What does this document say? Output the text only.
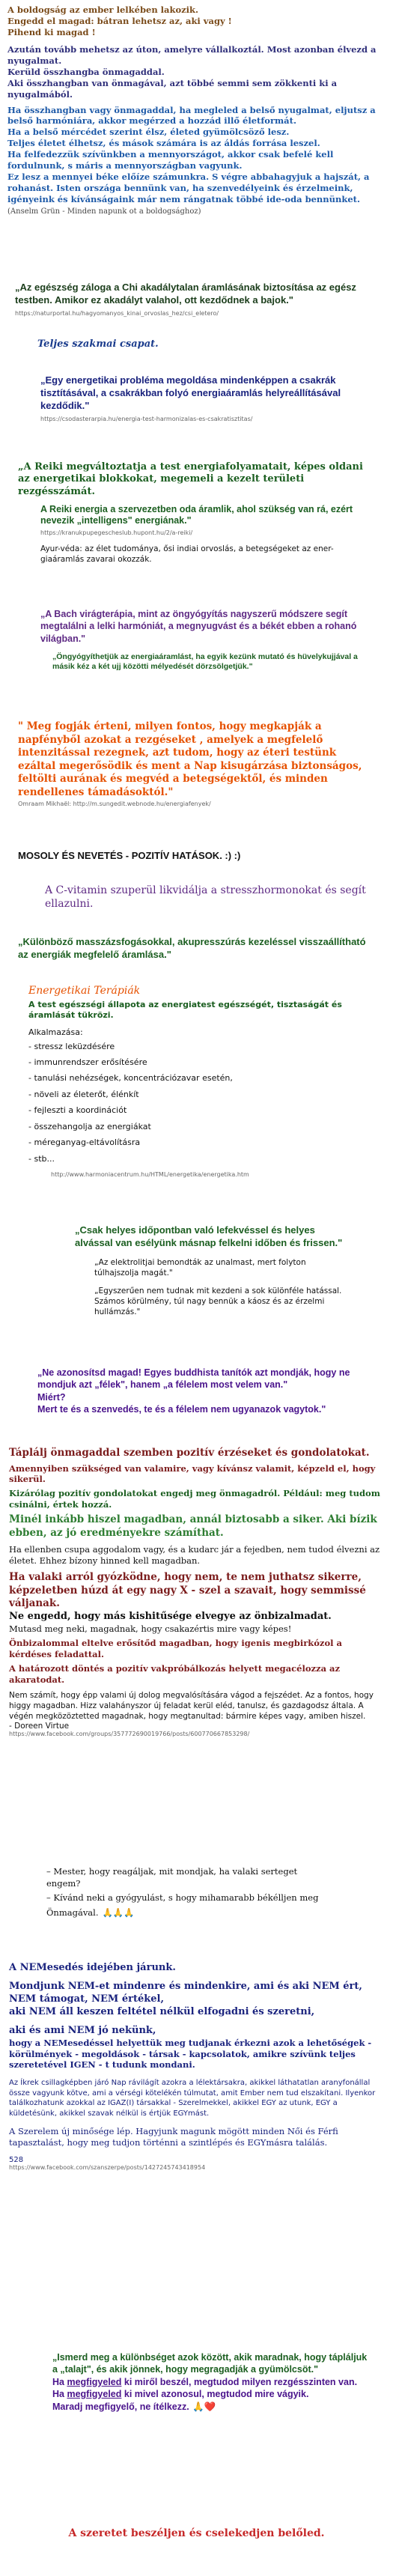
A boldogság az ember lelkében lakozik.

Engedd el magad: bátran lehetsz az, aki vagy !

Pihend ki magad !

Azután tovább mehetsz az úton, amelyre vállalkoztál. Most azonban élvezd a nyugalmat.

Kerüld összhangba önmagaddal.

Aki összhangban van önmagával, azt többé semmi sem zökkenti ki a nyugalmából.

Ha összhangban vagy önmagaddal, ha megleled a belső nyugalmat, eljutsz a belső harmóniára, akkor megérzed a hozzád illő életformát.

Ha a belső mércédet szerint élsz, életed gyümölcsöző lesz.

Teljes életet élhetsz, és mások számára is az áldás forrása leszel.

Ha felfedezzük szívünkben a mennyországot, akkor csak befelé kell fordulnunk, s máris a mennyországban vagyunk.

Ez lesz a mennyei béke előíze számunkra. S végre abbahagyjuk a hajszát, a rohanást. Isten országa bennünk van, ha szenvedélyeink és érzelmeink, igényeink és kívánságaink már nem rángatnak többé ide-oda bennünket.

(Anselm Grün - Minden napunk ot a boldogsághoz)

„Az egészség záloga a Chi akadálytalan áramlásának biztosítása az egész testben. Amikor ez akadályt valahol, ott kezdődnek a bajok."

https://naturportal.hu/hagyomanyos_kinai_orvoslas_hez/csi_eletero/

Teljes szakmai csapat.

„Egy energetikai probléma megoldása mindenképpen a csakrák tisztításával, a csakrákban folyó energiaáramlás helyreállításával kezdődik."

https://csodasterarpia.hu/energia-test-harmonizalas-es-csakratisztitas/

„A Reiki megváltoztatja a test energiafolyamatait, képes oldani az energetikai blokkokat, megemeli a kezelt területi rezgésszámát.

A Reiki energia a szervezetben oda áramlik, ahol szükség van rá, ezért nevezik „intelligens" energiának."

https://kranukpupegescheslub.hupont.hu/2/a-reiki/

Ayur-véda: az élet tudománya, ősi indiai orvoslás, a betegségeket az ener-giaáramlás zavarai okozzák.

„A Bach virágterápia, mint az öngyógyítás nagyszerű módszere segít megtalálni a lelki harmóniát, a megnyugvást és a békét ebben a rohanó világban."

„Öngyógyíthetjük az energiaáramlást, ha egyik kezünk mutató és hüvelykujjával a másik kéz a két ujj közötti mélyedését dörzsölgetjük."

" Meg fogják érteni, milyen fontos, hogy megkapják a napfényből azokat a rezgéseket , amelyek a megfelelő intenzitással rezegnek, azt tudom, hogy az éteri testünk ezáltal megerősödik és ment a Nap kisugárzása biztonságos, feltölti aurának és megvéd a betegségektől, és minden rendellenes támadásoktól."

Omraam Mikhaël: http://m.sungedit.webnode.hu/energiafenyek/

MOSOLY ÉS NEVETÉS - POZITÍV HATÁSOK. :) :)

A C-vitamin szuperül likvidálja a stresszhormonokat és segít ellazulni.

„Különböző masszázsfogásokkal, akupresszúrás kezeléssel visszaállítható az energiák megfelelő áramlása."

Energetikai Terápiák

A test egészségi állapota az energiatest egészségét, tisztaságát és áramlását tükrözi.

Alkalmazása:

- stressz leküzdésére
- immunrendszer erősítésére
- tanulási nehézségek, koncentrációzavar esetén,
- növeli az életerőt, élénkít
- fejleszti a koordinációt
- összehangolja az energiákat
- méreganyag-eltávolításra
- stb...

http://www.harmoniacentrum.hu/HTML/energetika/energetika.htm

„Csak helyes időpontban való lefekvéssel és helyes alvással van esélyünk másnap felkelni időben és frissen."

„Az elektrolitjai bemondták az unalmast, mert folyton túlhajszolja magát."

„Egyszerűen nem tudnak mit kezdeni a sok különféle hatással. Számos körülmény, túl nagy bennük a káosz és az érzelmi hullámzás."

„Ne azonosítsd magad! Egyes buddhista tanítók azt mondják, hogy ne mondjuk azt „félek", hanem „a félelem most velem van."

Miért?

Mert te és a szenvedés, te és a félelem nem ugyanazok vagytok."

Táplálj önmagaddal szemben pozitív érzéseket és gondolatokat.

Amennyiben szükséged van valamire, vagy kívánsz valamit, képzeld el, hogy sikerül.

Kizárólag pozitív gondolatokat engedj meg önmagadról. Például: meg tudom csinálni, értek hozzá.

Minél inkább hiszel magadban, annál biztosabb a siker. Aki bízik ebben, az jó eredményekre számíthat.

Ha ellenben csupa aggodalom vagy, és a kudarc jár a fejedben, nem tudod élvezni az életet. Ehhez bízony hinned kell magadban.

Ha valaki arról gyózködne, hogy nem, te nem juthatsz sikerre, képzeletben húzd át egy nagy X - szel a szavait, hogy semmissé váljanak.

Ne engedd, hogy más kishitűsége elvegye az önbizalmadat.

Mutasd meg neki, magadnak, hogy csakazértis mire vagy képes!

Önbizalommal eltelve erősítőd magadban, hogy igenis megbirkózol a kérdéses feladattal.

A határozott döntés a pozitív vakpróbálkozás helyett megacélozza az akaratodat.

Nem számít, hogy épp valami új dolog megvalósítására vágod a fejszédet. Az a fontos, hogy higgy magadban. Hizz valahányszor új feladat kerül eléd, tanulsz, és gazdagodsz általa. A végén megközöztetted magadnak, hogy megtanultad: bármire képes vagy, amiben hiszel.

- Doreen Virtue

https://www.facebook.com/groups/357772690019766/posts/600770667853298/

– Mester, hogy reagáljak, mit mondjak, ha valaki serteget engem?

– Kívánd neki a gyógyulást, s hogy mihamarabb békélljen meg Önmagával. 🙏🙏🙏

A NEMesedés idejében járunk.

Mondjunk NEM-et mindenre és mindenkire, ami és aki NEM ért, NEM támogat, NEM értékel,

aki NEM áll keszen feltétel nélkül elfogadni és szeretni,

aki és ami NEM jó nekünk,

hogy a NEMesedéssel helyettük meg tudjanak érkezni azok a lehetőségek - körülmények - megoldások - társak - kapcsolatok, amikre szívünk teljes szeretetével IGEN - t tudunk mondani.

Az Íkrek csillagképben járó Nap rávilágít azokra a lélektársakra, akikkel láthatatlan aranyfonállal össze vagyunk kötve, ami a vérségi kötelékén túlmutat, amit Ember nem tud elszakítani. Ilyenkor találkozhatunk azokkal az IGAZ(I) társakkal - Szerelmekkel, akikkel EGY az utunk, EGY a küldetésünk, akikkel szavak nélkül is értjük EGYmást.

A Szerelem új minősége lép. Hagyjunk magunk mögött minden Női és Férfi tapasztalást, hogy meg tudjon történni a szintlépés és EGYmásra találás.

528

https://www.facebook.com/szanszerpe/posts/1427245743418954

„Ismerd meg a különbséget azok között, akik maradnak, hogy tápláljuk a „talajt", és akik jönnek, hogy megragadják a gyümölcsöt."

Ha megfigyeled ki miről beszél, megtudod milyen rezgésszinten van.

Ha megfigyeled ki mivel azonosul, megtudod mire vágyik.

Maradj megfigyelő, ne ítélkezz. 🙏❤️

A szeretet beszéljen és cselekedjen belőled.
